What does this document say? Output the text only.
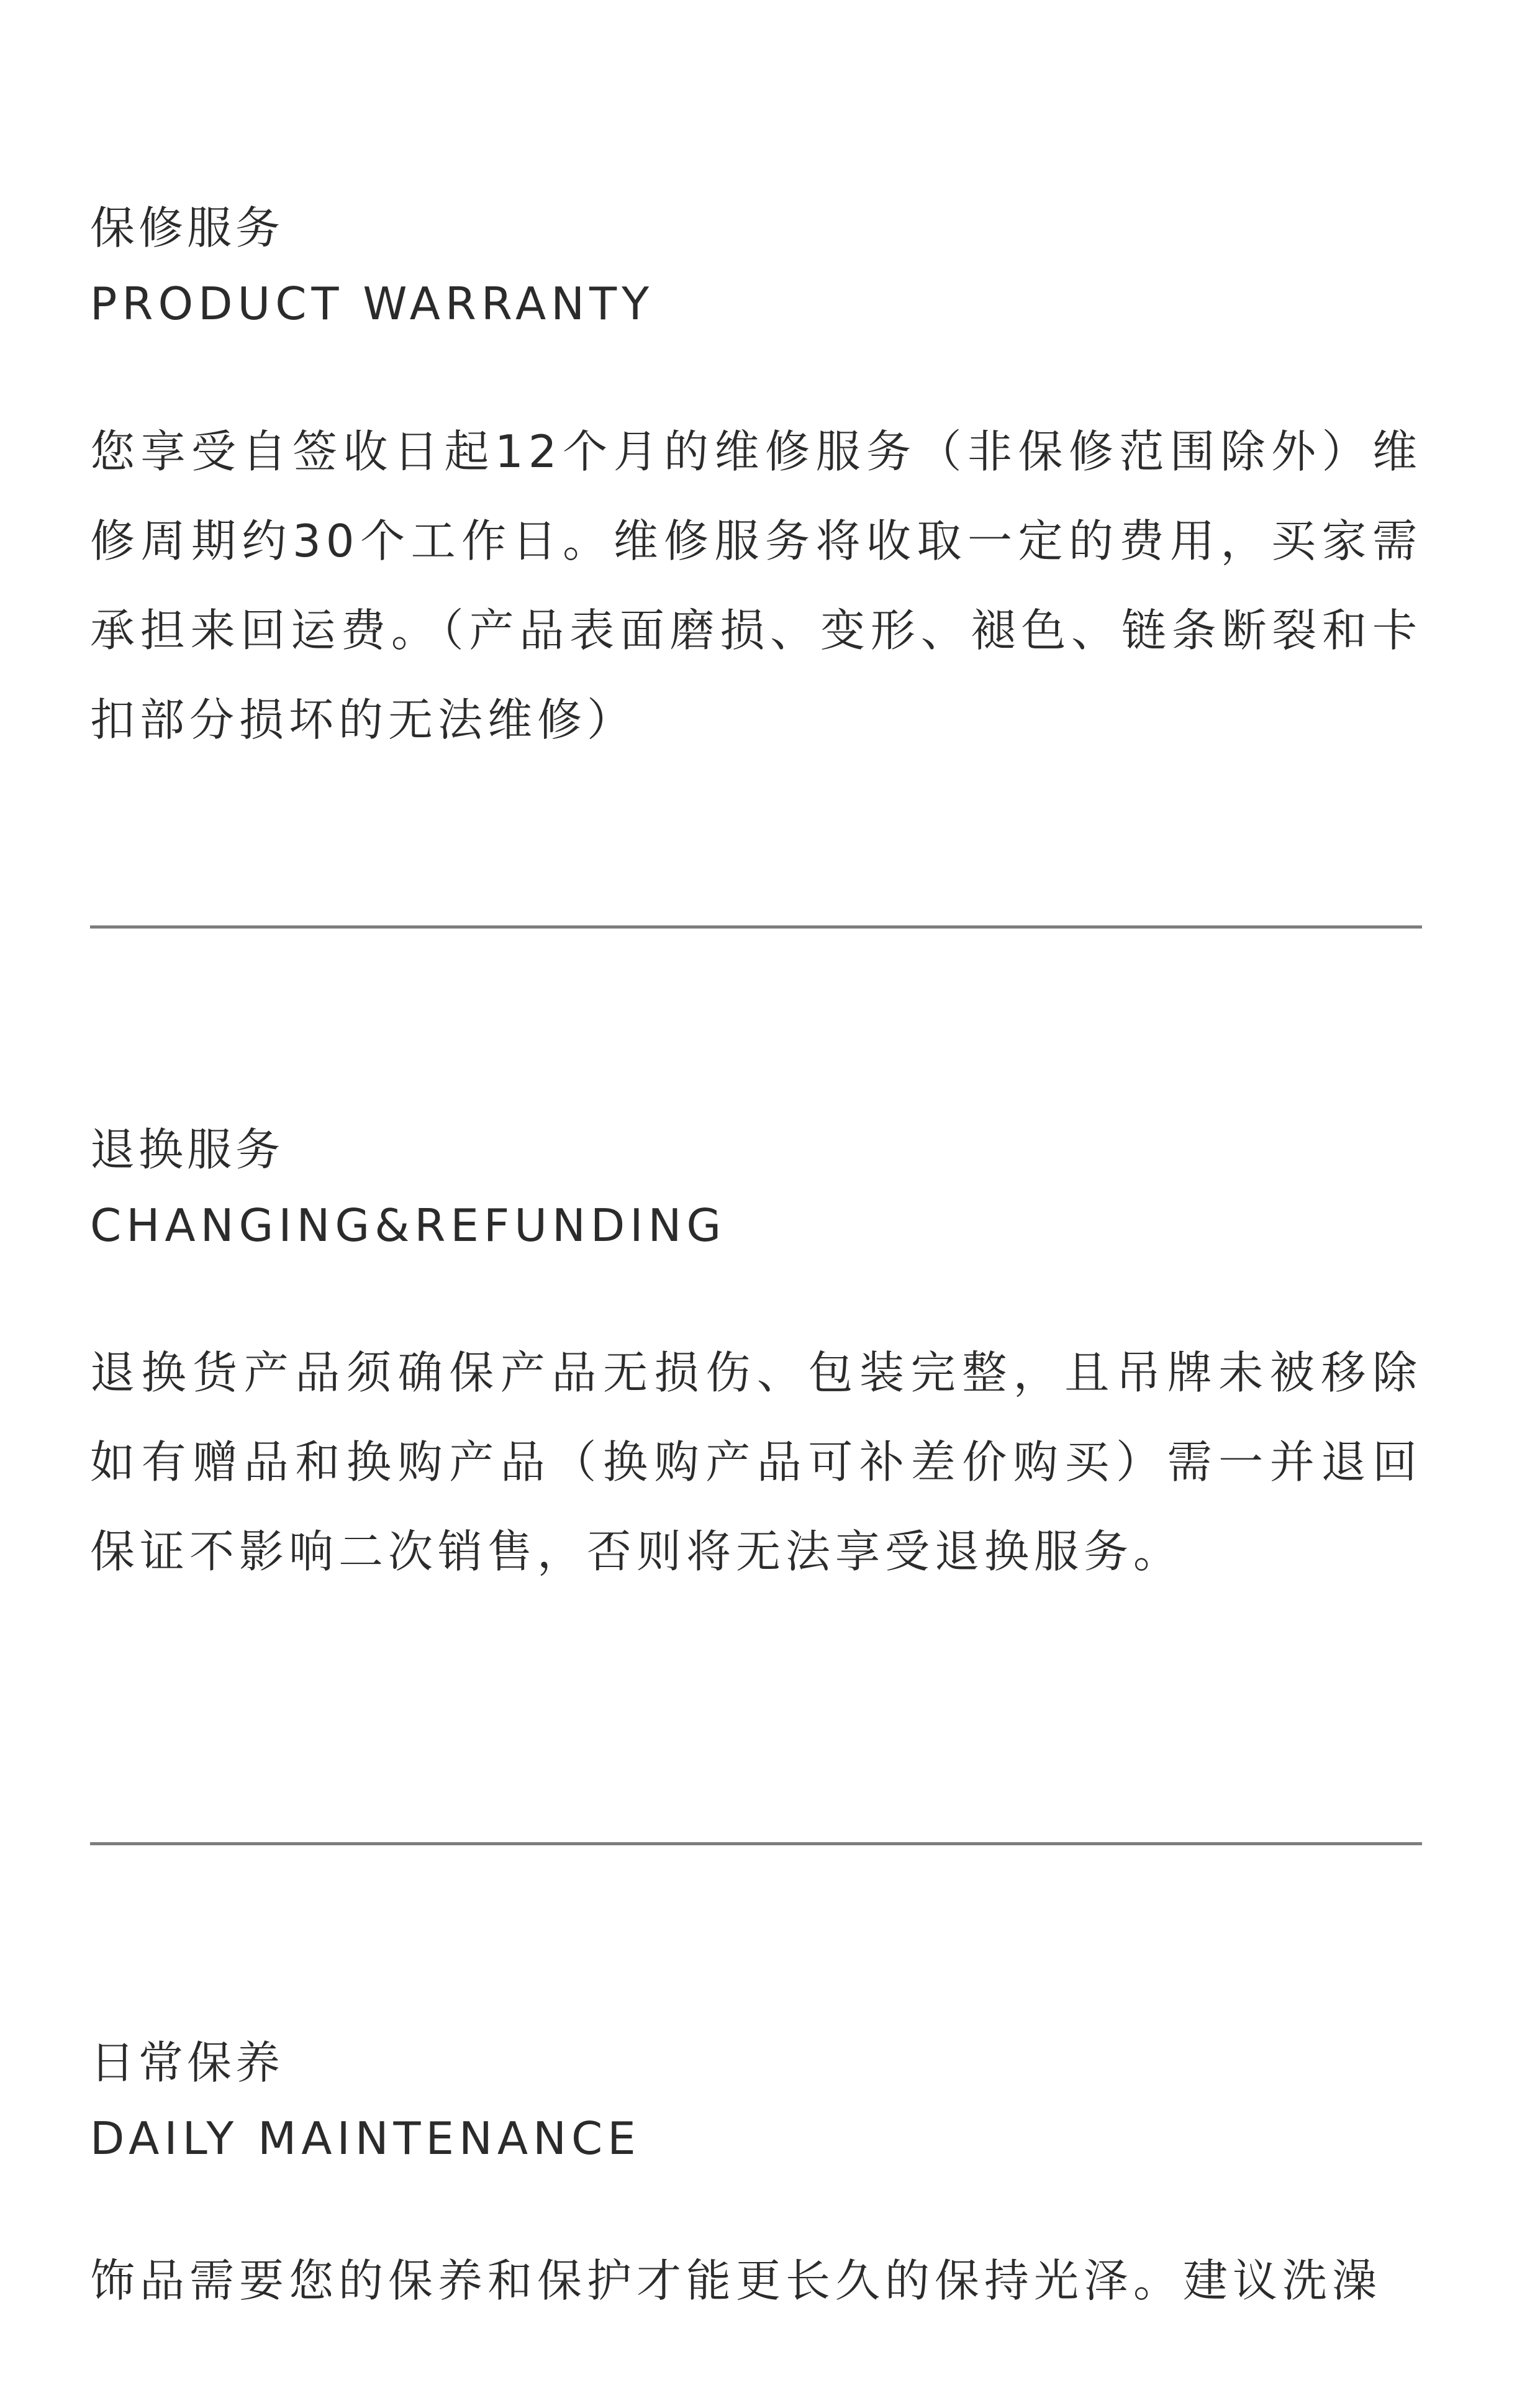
保修服务
PRODUCT WARRANTY
您享受自签收日起12个月的维修服务（非保修范围除外）维修周期约30个工作日。维修服务将收取一定的费用，买家需承担来回运费。（产品表面磨损、变形、褪色、链条断裂和卡扣部分损坏的无法维修）
退换服务
CHANGING&REFUNDING
退换货产品须确保产品无损伤、包装完整，且吊牌未被移除如有赠品和换购产品（换购产品可补差价购买）需一并退回保证不影响二次销售，否则将无法享受退换服务。
日常保养
DAILY MAINTENANCE
饰品需要您的保养和保护才能更长久的保持光泽。建议洗澡
